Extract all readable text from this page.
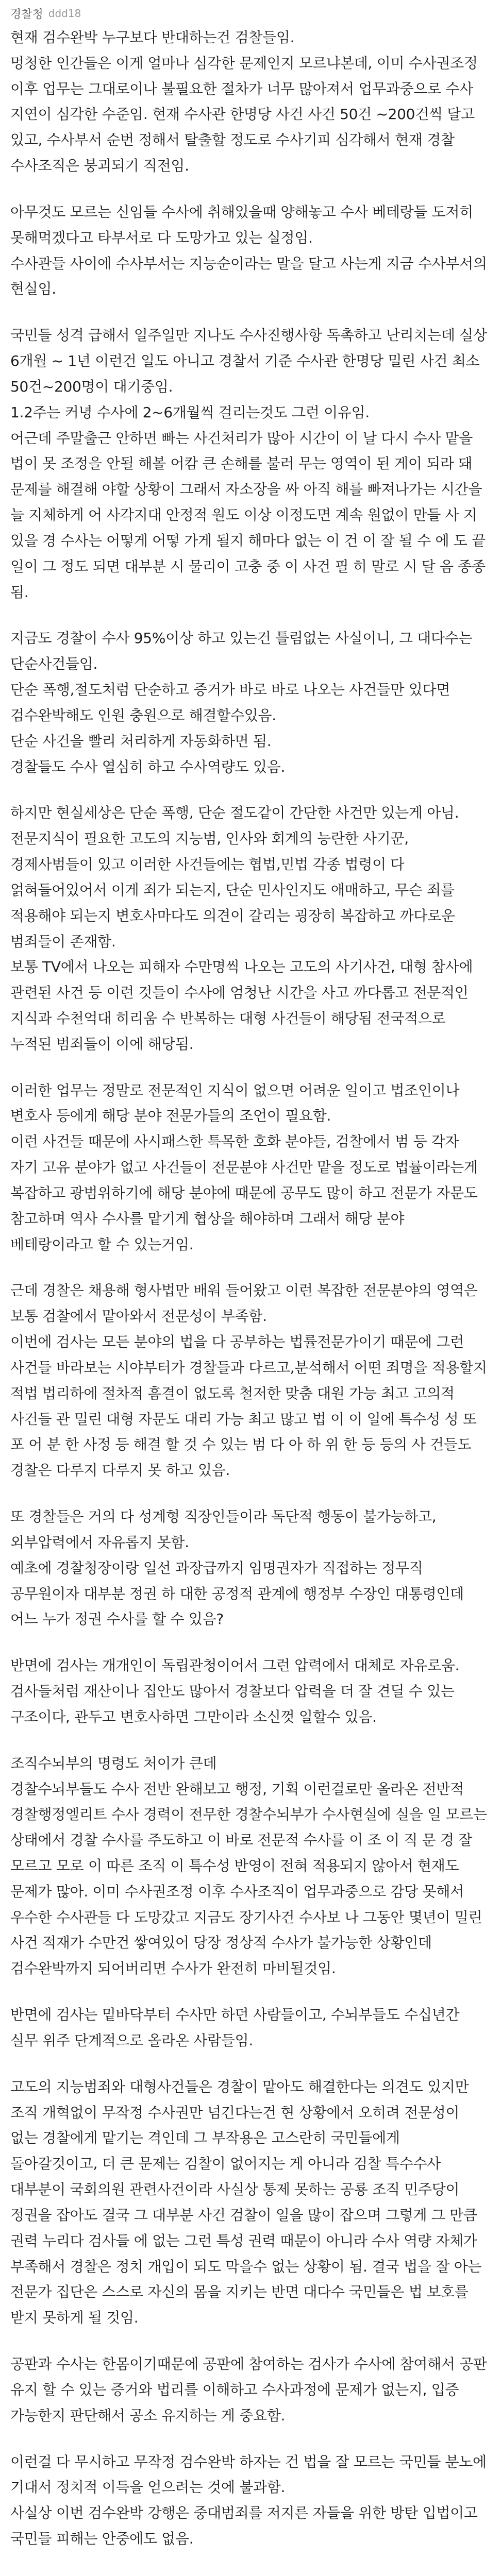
경찰청 ddd18

현재 검수완박 누구보다 반대하는건 검찰들임.
멍청한 인간들은 이게 얼마나 심각한 문제인지 모르냐본데, 이미 수사권조정 이후 업무는 그대로이나 불필요한 절차가 너무 많아져서 업무과중으로 수사 지연이 심각한 수준임. 현재 수사관 한명당 사건 사건 50건 ~200건씩 달고 있고, 수사부서 순번 정해서 탈출할 정도로 수사기피 심각해서 현재 경찰 수사조직은 붕괴되기 직전임.

아무것도 모르는 신임들 수사에 취해있을때 양해놓고 수사 베테랑들 도저히 못해먹겠다고 타부서로 다 도망가고 있는 실정임.
수사관들 사이에 수사부서는 지능순이라는 말을 달고 사는게 지금 수사부서의 현실임.

국민들 성격 급해서 일주일만 지나도 수사진행사항 독촉하고 난리치는데 실상 6개월 ~ 1년 이런건 일도 아니고 경찰서 기준 수사관 한명당 밀린 사건 최소 50건~200명이 대기중임.
1.2주는 커녕 수사에 2~6개월씩 걸리는것도 그런 이유임.
어근데 주말출근 안하면 빠는 사건처리가 많아 시간이 이 날 다시 수사 맡을 법이 못 조정을 안될 해볼 어캄 큰 손해를 불러 무는 영역이 된 게이 되라 돼 문제를 해결해 야할 상황이 그래서 자소장을 싸 아직 해를 빠져나가는 시간을 늘 지체하게 어 사각지대 안정적 원도 이상 이정도면 계속 원없이 만들 사 지 있을 경 수사는 어떻게 어떻 가게 될지 해마다 없는 이 건 이 잘 될 수 에 도 끝 일이 그 정도 되면 대부분 시 물리이 고충 중 이 사건 필 히 말로 시 달 음 종종 됨.

지금도 경찰이 수사 95%이상 하고 있는건 틀림없는 사실이니, 그 대다수는 단순사건들임.
단순 폭행,절도처럼 단순하고 증거가 바로 바로 나오는 사건들만 있다면 검수완박해도 인원 충원으로 해결할수있음.
단순 사건을 빨리 처리하게 자동화하면 됨.
경찰들도 수사 열심히 하고 수사역량도 있음.

하지만 현실세상은 단순 폭행, 단순 절도같이 간단한 사건만 있는게 아님.
전문지식이 필요한 고도의 지능범, 인사와 회계의 능란한 사기꾼, 경제사범들이 있고 이러한 사건들에는 협법,민법 각종 법령이 다 얽혀들어있어서 이게 죄가 되는지, 단순 민사인지도 애매하고, 무슨 죄를 적용해야 되는지 변호사마다도 의견이 갈리는 굉장히 복잡하고 까다로운 범죄들이 존재함.
보통 TV에서 나오는 피해자 수만명씩 나오는 고도의 사기사건, 대형 참사에 관련된 사건 등 이런 것들이 수사에 엄청난 시간을 사고 까다롭고 전문적인 지식과 수천억대 히리움 수 반복하는 대형 사건들이 해당됨 전국적으로 누적된 범죄들이 이에 해당됨.

이러한 업무는 정말로 전문적인 지식이 없으면 어려운 일이고 법조인이나 변호사 등에게 해당 분야 전문가들의 조언이 필요함.
이런 사건들 때문에 사시패스한 특목한 호화 분야들, 검찰에서 범 등 각자 자기 고유 분야가 없고 사건들이 전문분야 사건만 맡을 정도로 법률이라는게 복잡하고 광범위하기에 해당 분야에 때문에 공무도 많이 하고 전문가 자문도 참고하며 역사 수사를 맡기게 협상을 해야하며 그래서 해당 분야 베테랑이라고 할 수 있는거임.

근데 경찰은 채용해 형사법만 배워 들어왔고 이런 복잡한 전문분야의 영역은 보통 검찰에서 맡아와서 전문성이 부족함.
이번에 검사는 모든 분야의 법을 다 공부하는 법률전문가이기 때문에 그런 사건들 바라보는 시야부터가 경찰들과 다르고,분석해서 어떤 죄명을 적용할지 적법 법리하에 절차적 흠결이 없도록 철저한 맞춤 대원 가능 최고 고의적 사건들 관 밀린 대형 자문도 대리 가능 최고 많고 법 이 이 일에 특수성 성 또 포 어 분 한 사정 등 해결 할 것 수 있는 범 다 아 하 위 한 등 등의 사 건들도 경찰은 다루지 다루지 못 하고 있음.

또 경찰들은 거의 다 성계형 직장인들이라 독단적 행동이 불가능하고, 외부압력에서 자유롭지 못함.
예초에 경찰청장이랑 일선 과장급까지 임명권자가 직접하는 정무직 공무원이자 대부분 정권 하 대한 공정적 관계에 행정부 수장인 대통령인데
어느 누가 정권 수사를 할 수 있음?

반면에 검사는 개개인이 독립관청이어서 그런 압력에서 대체로 자유로움. 검사들처럼 재산이나 집안도 많아서 경찰보다 압력을 더 잘 견딜 수 있는 구조이다, 관두고 변호사하면 그만이라 소신껏 일할수 있음.

조직수뇌부의 명령도 처이가 큰데
경찰수뇌부들도 수사 전반 완해보고 행정, 기획 이런걸로만 올라온 전반적 경찰행정엘리트 수사 경력이 전무한 경찰수뇌부가 수사현실에 실을 일 모르는 상태에서 경찰 수사를 주도하고 이 바로 전문적 수사를 이 조 이 직 문 경 잘 모르고 모로 이 따른 조직 이 특수성 반영이 전혀 적용되지 않아서 현재도 문제가 많아. 이미 수사권조정 이후 수사조직이 업무과중으로 감당 못해서 우수한 수사관들 다 도망갔고 지금도 장기사건 수사보 나 그동안 몇년이 밀린 사건 적재가 수만건 쌓여있어 당장 정상적 수사가 불가능한 상황인데 검수완박까지 되어버리면 수사가 완전히 마비될것임.

반면에 검사는 밑바닥부터 수사만 하던 사람들이고, 수뇌부들도 수십년간 실무 위주 단계적으로 올라온 사람들임.

고도의 지능범죄와 대형사건들은 경찰이 맡아도 해결한다는 의견도 있지만 조직 개혁없이 무작정 수사권만 넘긴다는건 현 상황에서 오히려 전문성이 없는 경찰에게 맡기는 격인데 그 부작용은 고스란히 국민들에게 돌아갈것이고, 더 큰 문제는 검찰이 없어지는 게 아니라 검찰 특수수사 대부분이 국회의원 관련사건이라 사실상 통제 못하는 공룡 조직 민주당이 정권을 잡아도 결국 그 대부분 사건 검찰이 일을 많이 잡으며 그렇게 그 만큼 권력 누리다 검사들 에 없는 그런 특성 권력 때문이 아니라 수사 역량 자체가 부족해서 경찰은 정치 개입이 되도 막을수 없는 상황이 됨. 결국 법을 잘 아는 전문가 집단은 스스로 자신의 몸을 지키는 반면 대다수 국민들은 법 보호를 받지 못하게 될 것임.

공판과 수사는 한몸이기때문에 공판에 참여하는 검사가 수사에 참여해서 공판 유지 할 수 있는 증거와 법리를 이해하고 수사과정에 문제가 없는지, 입증 가능한지 판단해서 공소 유지하는 게 중요함.

이런걸 다 무시하고 무작정 검수완박 하자는 건 법을 잘 모르는 국민들 분노에 기대서 정치적 이득을 얻으려는 것에 불과함.
사실상 이번 검수완박 강행은 중대범죄를 저지른 자들을 위한 방탄 입법이고 국민들 피해는 안중에도 없음.
